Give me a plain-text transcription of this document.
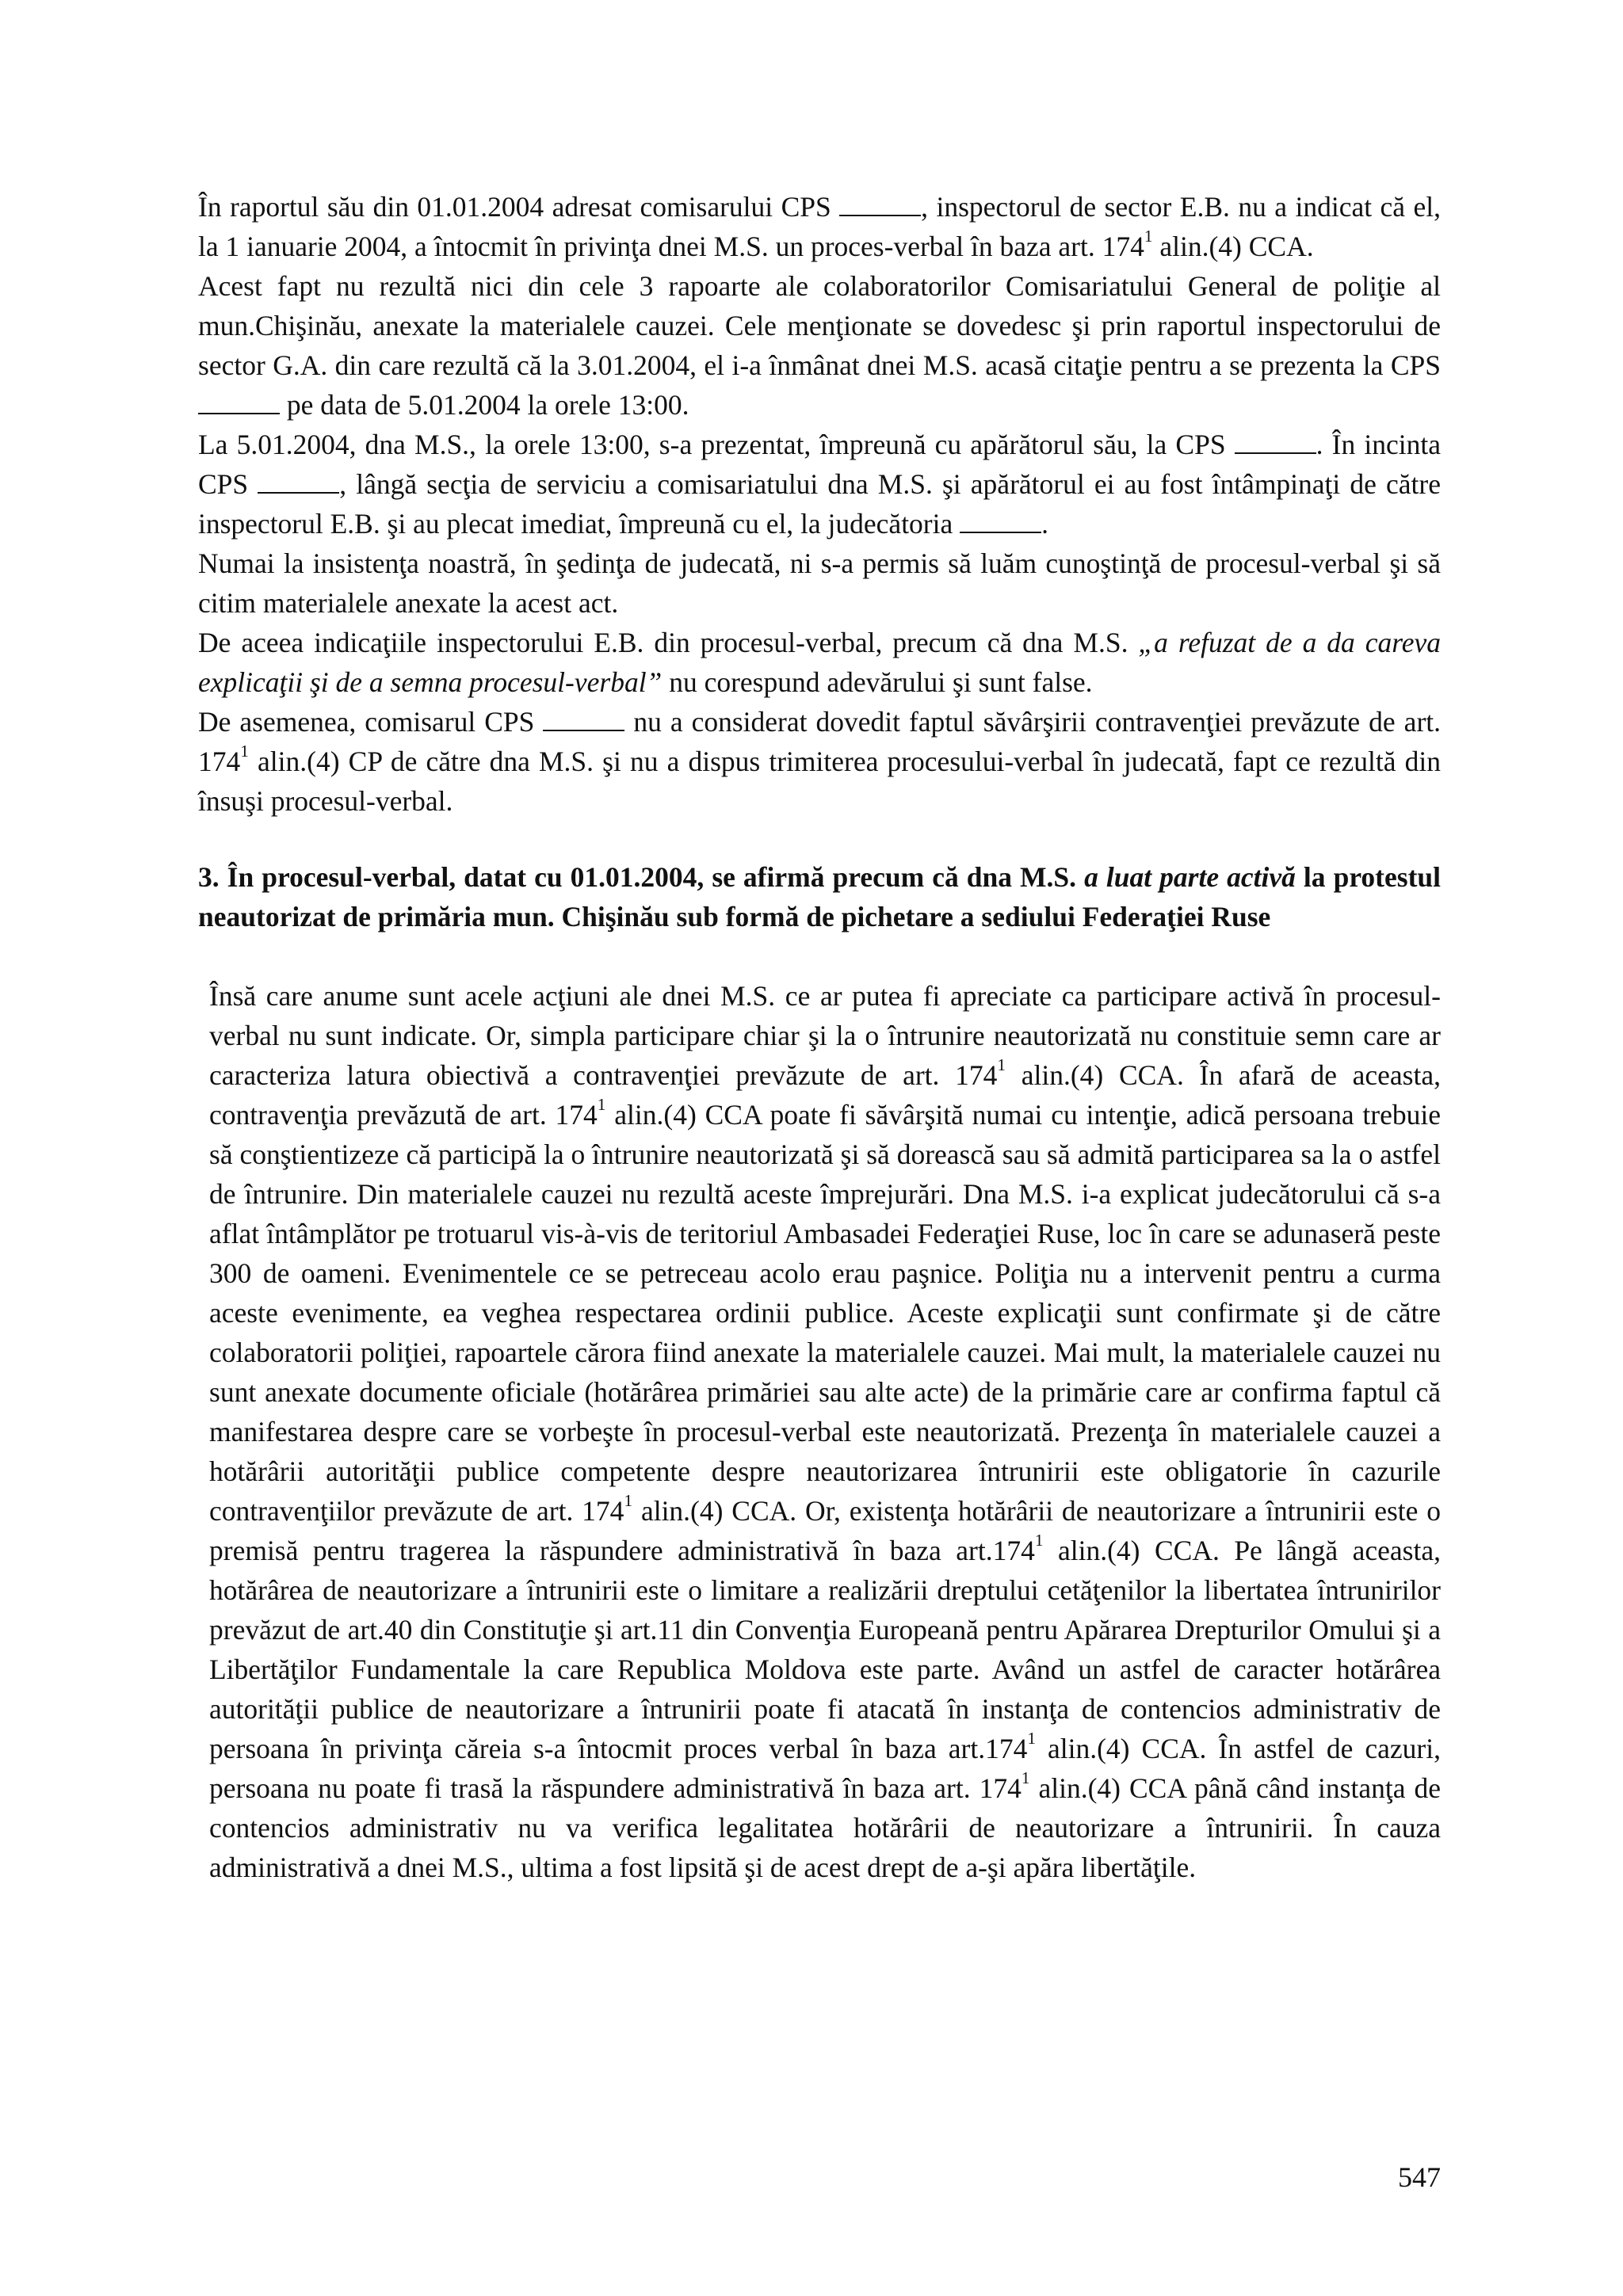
În raportul său din 01.01.2004 adresat comisarului CPS	, inspectorul de sector E.B. nu a indicat că el, la 1 ianuarie 2004, a întocmit în privinţa dnei M.S. un proces-verbal în baza art. $174^1$ alin.(4) CCA.

Acest fapt nu rezultă nici din cele 3 rapoarte ale colaboratorilor Comisariatului General de poliţie al mun.Chişinău, anexate la materialele cauzei. Cele menţionate se dovedesc şi prin raportul inspectorului de sector G.A. din care rezultă că la 3.01.2004, el i-a înmânat dnei M.S. acasă citaţie pentru a se prezenta la CPS  pe data de 5.01.2004 la orele 13:00.

La 5.01.2004, dna M.S., la orele 13:00, s-a prezentat, împreună cu apărătorul său, la CPS	. În incinta CPS	, lângă secţia de serviciu a comisariatului dna M.S. şi apărătorul ei au fost întâmpinaţi de către inspectorul E.B. şi au plecat imediat, împreună cu el, la judecătoria	.

Numai la insistenţa noastră, în şedinţa de judecată, ni s-a permis să luăm cunoştinţă de procesul-verbal şi să citim materialele anexate la acest act.

De aceea indicaţiile inspectorului E.B. din procesul-verbal, precum că dna M.S. „a refuzat de a da careva explicaţii şi de a semna procesul-verbal” nu corespund adevărului şi sunt false.

De asemenea, comisarul CPS	nu a considerat dovedit faptul săvârşirii contravenţiei prevăzute de art. $174^1$ alin.(4) CP de către dna M.S. şi nu a dispus trimiterea procesului-verbal în judecată, fapt ce rezultă din însuşi procesul-verbal.

3. În procesul-verbal, datat cu 01.01.2004, se afirmă precum că dna M.S. a luat parte activă la protestul neautorizat de primăria mun. Chişinău sub formă de pichetare a sediului Federaţiei Ruse

Însă care anume sunt acele acţiuni ale dnei M.S. ce ar putea fi apreciate ca participare activă în procesul-verbal nu sunt indicate. Or, simpla participare chiar şi la o întrunire neautorizată nu constituie semn care ar caracteriza latura obiectivă a contravenţiei prevăzute de art. $174^1$ alin.(4) CCA. În afară de aceasta, contravenţia prevăzută de art. $174^1$ alin.(4) CCA poate fi săvârşită numai cu intenţie, adică persoana trebuie să conştientizeze că participă la o întrunire neautorizată şi să dorească sau să admită participarea sa la o astfel de întrunire. Din materialele cauzei nu rezultă aceste împrejurări. Dna M.S. i-a explicat judecătorului că s-a aflat întâmplător pe trotuarul vis-à-vis de teritoriul Ambasadei Federaţiei Ruse, loc în care se adunaseră peste 300 de oameni. Evenimentele ce se petreceau acolo erau paşnice. Poliţia nu a intervenit pentru a curma aceste evenimente, ea veghea respectarea ordinii publice. Aceste explicaţii sunt confirmate şi de către colaboratorii poliţiei, rapoartele cărora fiind anexate la materialele cauzei. Mai mult, la materialele cauzei nu sunt anexate documente oficiale (hotărârea primăriei sau alte acte) de la primărie care ar confirma faptul că manifestarea despre care se vorbeşte în procesul-verbal este neautorizată. Prezenţa în materialele cauzei a hotărârii autorităţii publice competente despre neautorizarea întrunirii este obligatorie în cazurile contravenţiilor prevăzute de art. $174^1$ alin.(4) CCA. Or, existenţa hotărârii de neautorizare a întrunirii este o premisă pentru tragerea la răspundere administrativă în baza art.174$^1$ alin.(4) CCA. Pe lângă aceasta, hotărârea de neautorizare a întrunirii este o limitare a realizării dreptului cetăţenilor la libertatea întrunirilor prevăzut de art.40 din Constituţie şi art.11 din Convenţia Europeană pentru Apărarea Drepturilor Omului şi a Libertăţilor Fundamentale la care Republica Moldova este parte. Având un astfel de caracter hotărârea autorităţii publice de neautorizare a întrunirii poate fi atacată în instanţa de contencios administrativ de persoana în privinţa căreia s-a întocmit proces verbal în baza art.174$^1$ alin.(4) CCA. În astfel de cazuri, persoana nu poate fi trasă la răspundere administrativă în baza art. $174^1$ alin.(4) CCA până când instanţa de contencios administrativ nu va verifica legalitatea hotărârii de neautorizare a întrunirii. În cauza administrativă a dnei M.S., ultima a fost lipsită şi de acest drept de a-şi apăra libertăţile.

547
